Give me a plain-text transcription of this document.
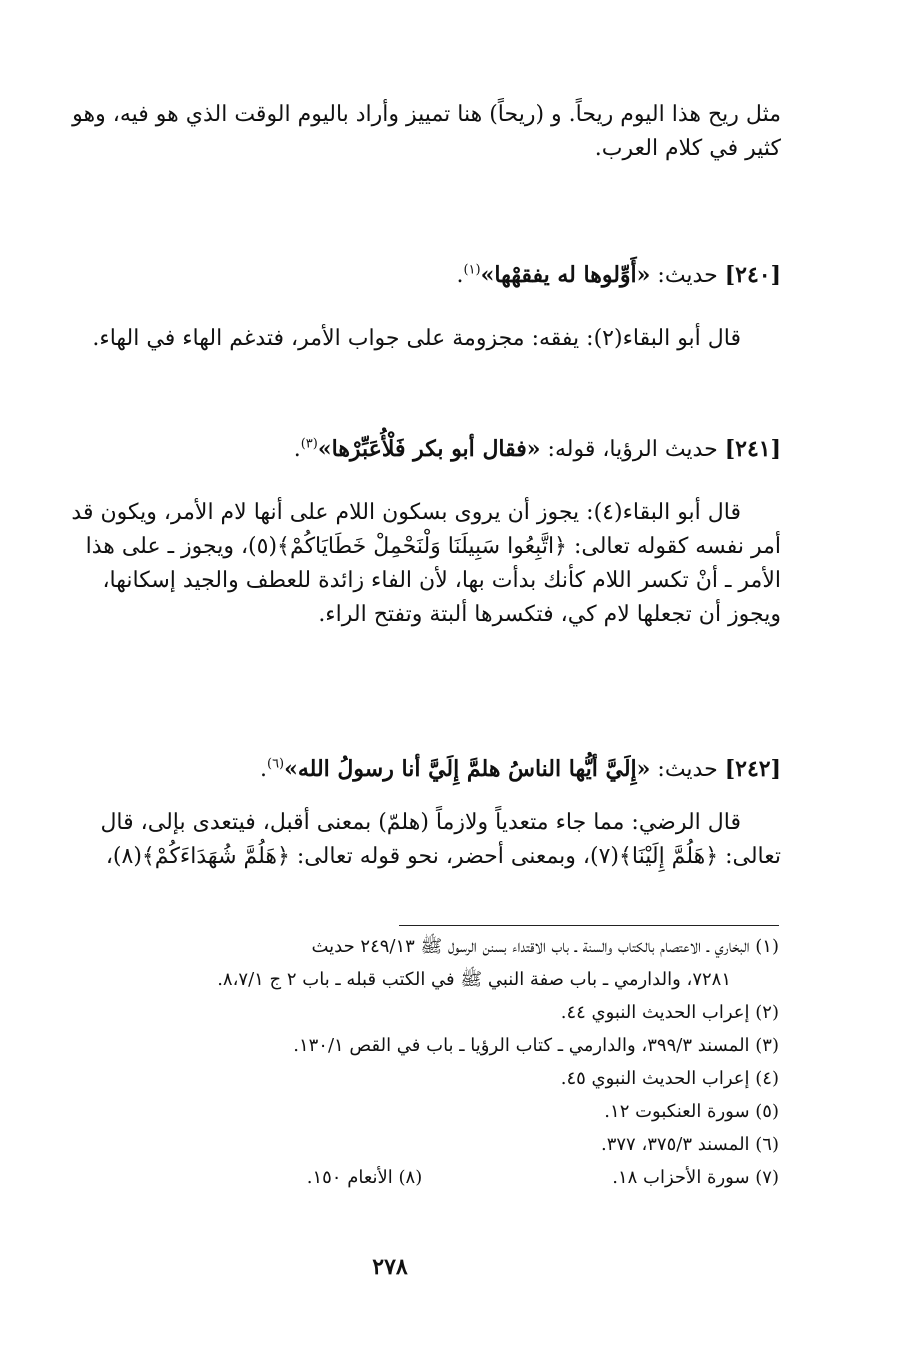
مثل ريح هذا اليوم ريحاً. و (ريحاً) هنا تمييز وأراد باليوم الوقت الذي هو فيه، وهو
كثير في كلام العرب.
[٢٤٠] حديث: «أَوِّلوها له يفقهْها»$^{(١)}$.
قال أبو البقاء(٢): يفقه: مجزومة على جواب الأمر، فتدغم الهاء في الهاء.
[٢٤١] حديث الرؤيا، قوله: «فقال أبو بكر فَلْأُعَبِّرْها»$^{(٣)}$.
قال أبو البقاء(٤): يجوز أن يروى بسكون اللام على أنها لام الأمر، ويكون قد
أمر نفسه كقوله تعالى: ﴿اتَّبِعُوا سَبِيلَنَا وَلْنَحْمِلْ خَطَايَاكُمْ﴾(٥)، ويجوز ـ على هذا
الأمر ـ أنْ تكسر اللام كأنك بدأت بها، لأن الفاء زائدة للعطف والجيد إسكانها،
ويجوز أن تجعلها لام كي، فتكسرها ألبتة وتفتح الراء.
[٢٤٢] حديث: «إِلَيَّ أيُّها الناسُ هلمَّ إِلَيَّ أنا رسولُ الله»$^{(٦)}$.
قال الرضي: مما جاء متعدياً ولازماً (هلمّ) بمعنى أقبل، فيتعدى بإلى، قال
تعالى: ﴿هَلُمَّ إِلَيْنَا﴾(٧)، وبمعنى أحضر، نحو قوله تعالى: ﴿هَلُمَّ شُهَدَاءَكُمْ﴾(٨)،
(١) البخاري ـ الاعتصام بالكتاب والسنة ـ باب الاقتداء بسنن الرسول ﷺ ٢٤٩/١٣ حديث
٧٢٨١، والدارمي ـ باب صفة النبي ﷺ في الكتب قبله ـ باب ٢ ج ٨،٧/١.
(٢) إعراب الحديث النبوي ٤٤.
(٣) المسند ٣٩٩/٣، والدارمي ـ كتاب الرؤيا ـ باب في القص ١٣٠/١.
(٤) إعراب الحديث النبوي ٤٥.
(٥) سورة العنكبوت ١٢.
(٦) المسند ٣٧٥/٣، ٣٧٧.
(٧) سورة الأحزاب ١٨.
(٨) الأنعام ١٥٠.
٢٧٨
